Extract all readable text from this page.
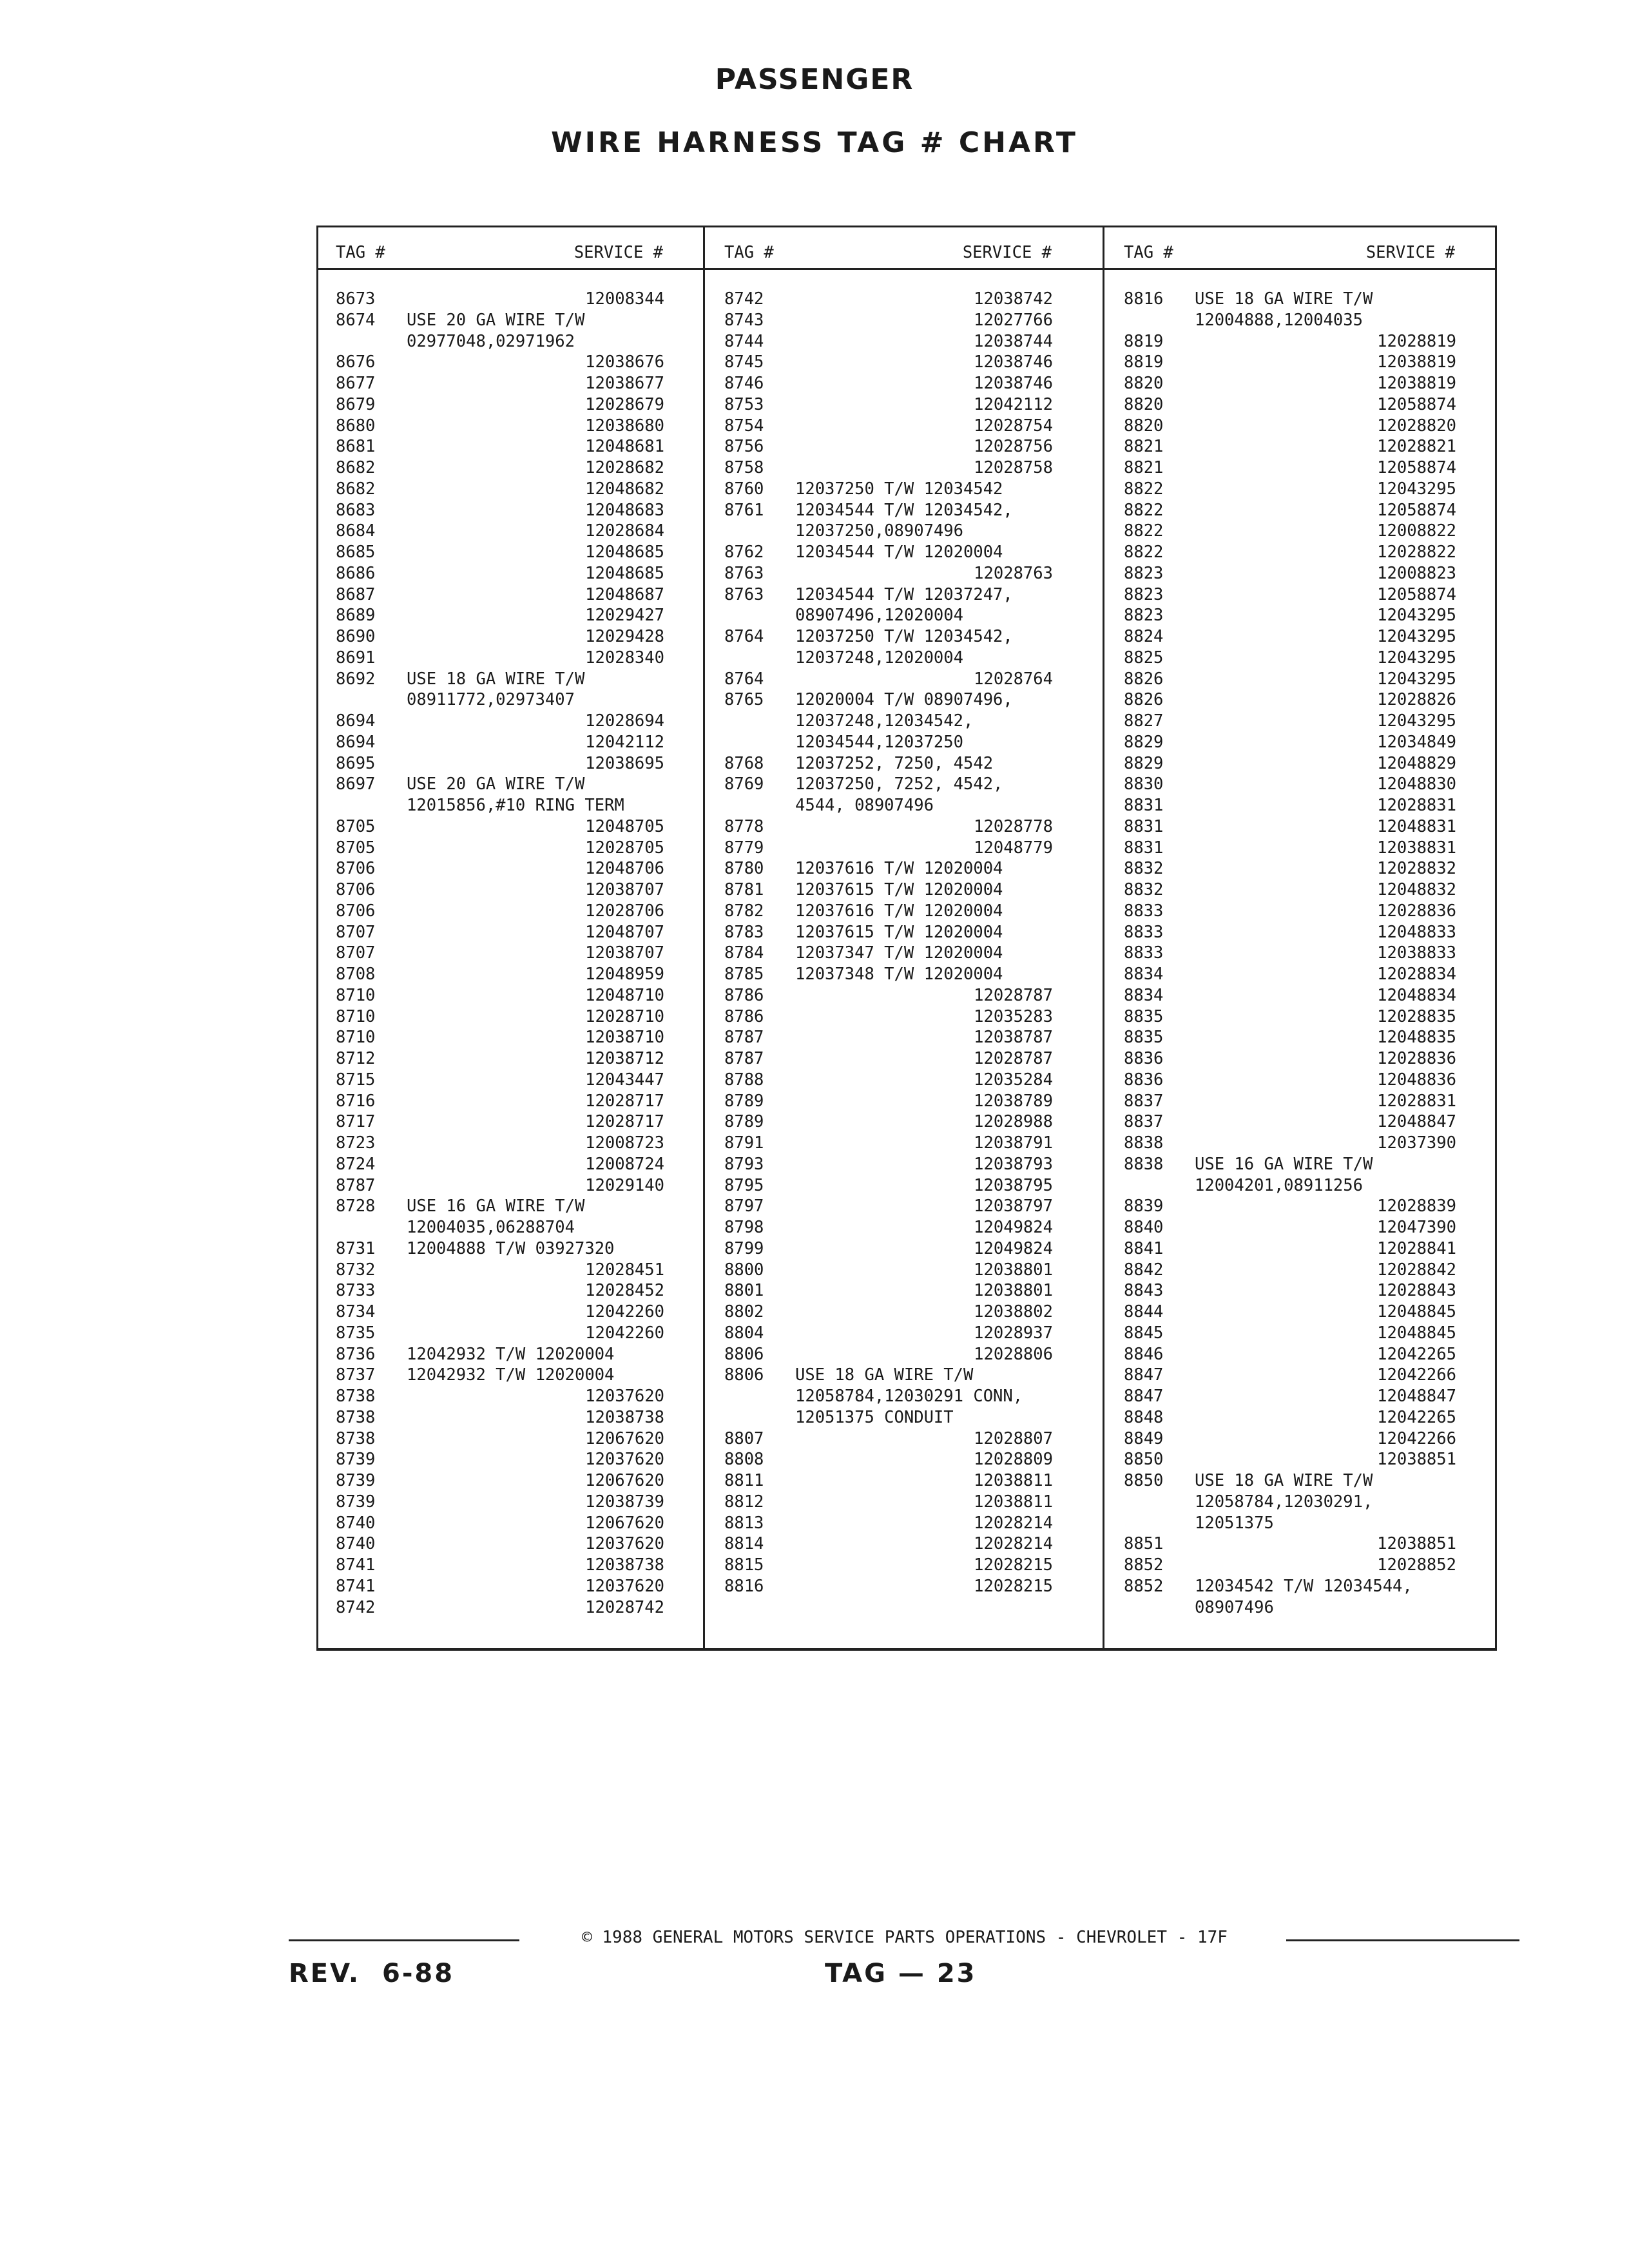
PASSENGER
WIRE HARNESS TAG # CHART
TAG #	SERVICE #
8673	12008344
8674 USE 20 GA WIRE T/W
02977048,02971962
8676	12038676
8677	12038677
8679	12028679
8680	12038680
8681	12048681
8682	12028682
8682	12048682
8683	12048683
8684	12028684
8685	12048685
8686	12048685
8687	12048687
8689	12029427
8690	12029428
8691	12028340
8692 USE 18 GA WIRE T/W
08911772,02973407
8694	12028694
8694	12042112
8695	12038695
8697 USE 20 GA WIRE T/W
12015856,#10 RING TERM
8705	12048705
8705	12028705
8706	12048706
8706	12038707
8706	12028706
8707	12048707
8707	12038707
8708	12048959
8710	12048710
8710	12028710
8710	12038710
8712	12038712
8715	12043447
8716	12028717
8717	12028717
8723	12008723
8724	12008724
8787	12029140
8728 USE 16 GA WIRE T/W
12004035,06288704
8731 12004888 T/W 03927320
8732	12028451
8733	12028452
8734	12042260
8735	12042260
8736 12042932 T/W 12020004
8737 12042932 T/W 12020004
8738	12037620
8738	12038738
8738	12067620
8739	12037620
8739	12067620
8739	12038739
8740	12067620
8740	12037620
8741	12038738
8741	12037620
8742	12028742
TAG #	SERVICE #
8742	12038742
8743	12027766
8744	12038744
8745	12038746
8746	12038746
8753	12042112
8754	12028754
8756	12028756
8758	12028758
8760 12037250 T/W 12034542
8761 12034544 T/W 12034542,
12037250,08907496
8762 12034544 T/W 12020004
8763	12028763
8763 12034544 T/W 12037247,
08907496,12020004
8764 12037250 T/W 12034542,
12037248,12020004
8764	12028764
8765 12020004 T/W 08907496,
12037248,12034542,
12034544,12037250
8768 12037252, 7250, 4542
8769 12037250, 7252, 4542,
4544, 08907496
8778	12028778
8779	12048779
8780 12037616 T/W 12020004
8781 12037615 T/W 12020004
8782 12037616 T/W 12020004
8783 12037615 T/W 12020004
8784 12037347 T/W 12020004
8785 12037348 T/W 12020004
8786	12028787
8786	12035283
8787	12038787
8787	12028787
8788	12035284
8789	12038789
8789	12028988
8791	12038791
8793	12038793
8795	12038795
8797	12038797
8798	12049824
8799	12049824
8800	12038801
8801	12038801
8802	12038802
8804	12028937
8806	12028806
8806 USE 18 GA WIRE T/W
12058784,12030291 CONN,
12051375 CONDUIT
8807	12028807
8808	12028809
8811	12038811
8812	12038811
8813	12028214
8814	12028214
8815	12028215
8816	12028215
TAG #	SERVICE #
8816 USE 18 GA WIRE T/W
12004888,12004035
8819	12028819
8819	12038819
8820	12038819
8820	12058874
8820	12028820
8821	12028821
8821	12058874
8822	12043295
8822	12058874
8822	12008822
8822	12028822
8823	12008823
8823	12058874
8823	12043295
8824	12043295
8825	12043295
8826	12043295
8826	12028826
8827	12043295
8829	12034849
8829	12048829
8830	12048830
8831	12028831
8831	12048831
8831	12038831
8832	12028832
8832	12048832
8833	12028836
8833	12048833
8833	12038833
8834	12028834
8834	12048834
8835	12028835
8835	12048835
8836	12028836
8836	12048836
8837	12028831
8837	12048847
8838	12037390
8838 USE 16 GA WIRE T/W
12004201,08911256
8839	12028839
8840	12047390
8841	12028841
8842	12028842
8843	12028843
8844	12048845
8845	12048845
8846	12042265
8847	12042266
8847	12048847
8848	12042265
8849	12042266
8850	12038851
8850 USE 18 GA WIRE T/W
12058784,12030291,
12051375
8851	12038851
8852	12028852
8852 12034542 T/W 12034544,
08907496
© 1988 GENERAL MOTORS SERVICE PARTS OPERATIONS - CHEVROLET - 17F
REV. 6-88	TAG — 23
